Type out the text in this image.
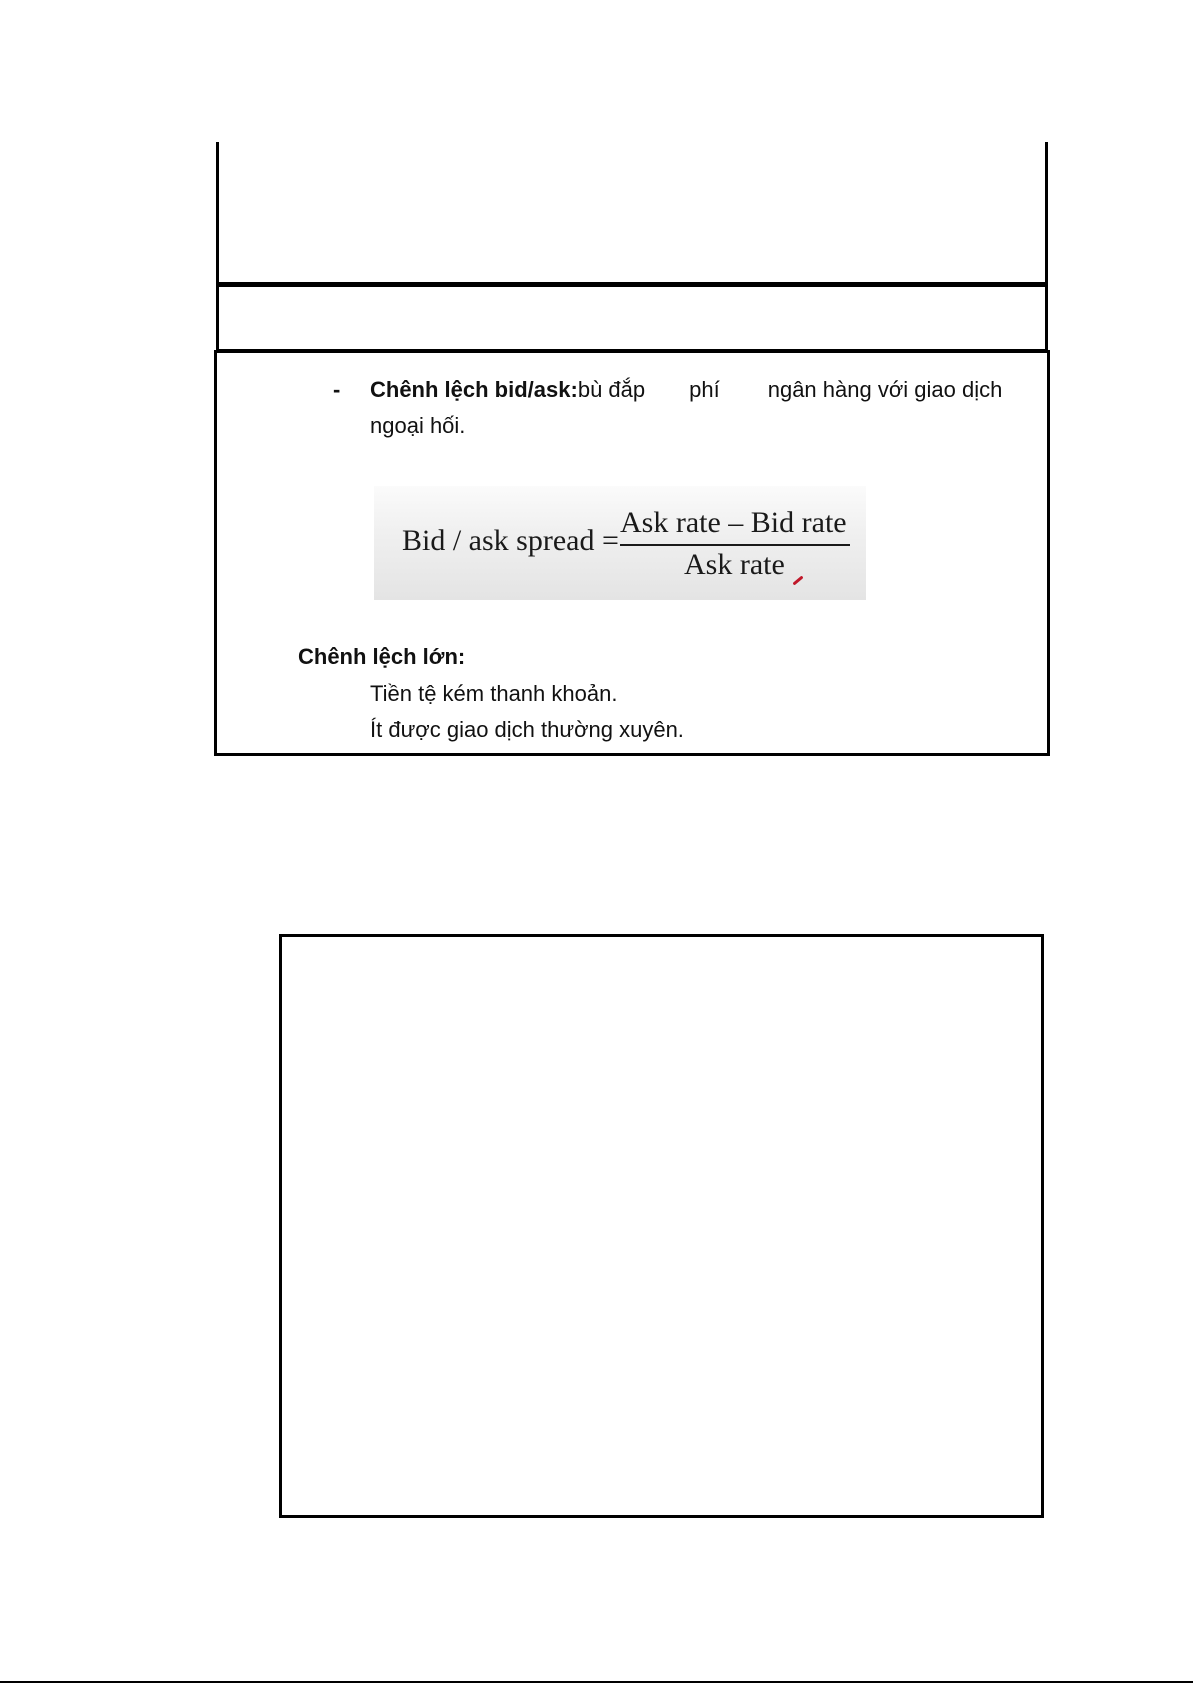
- Chênh lệch bid/ask:bù đắp phí ngân hàng với giao dịch
ngoại hối.
Bid / ask spread =
Ask rate – Bid rate
Ask rate
Chênh lệch lớn:
Tiền tệ kém thanh khoản.
Ít được giao dịch thường xuyên.
